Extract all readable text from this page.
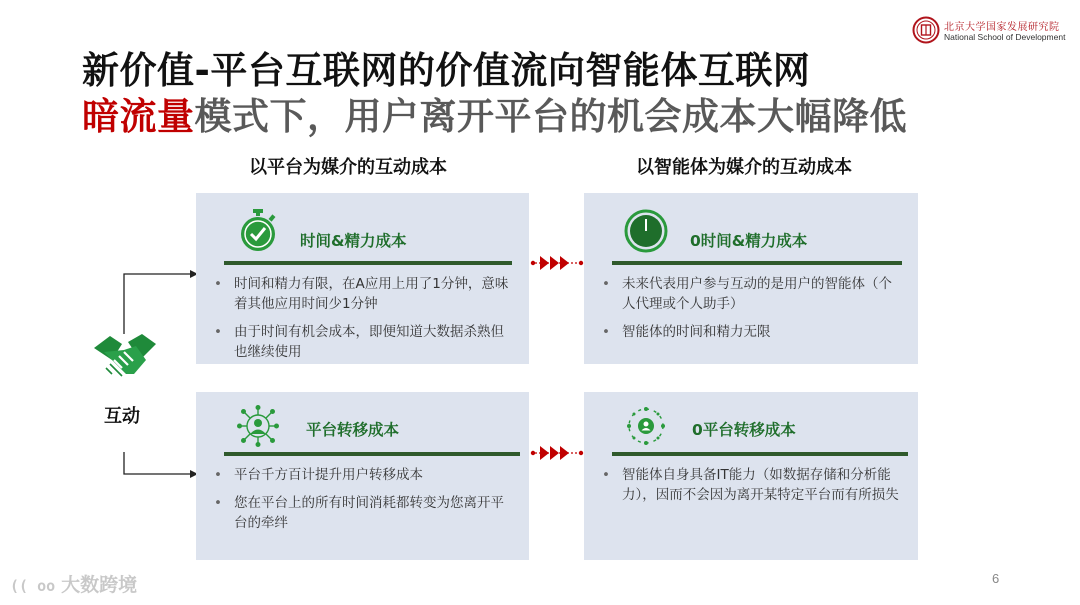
北京大学国家发展研究院
National School of Development
新价值-平台互联网的价值流向智能体互联网
暗流量模式下，用户离开平台的机会成本大幅降低
以平台为媒介的互动成本	以智能体为媒介的互动成本
互动
时间&精力成本
• 时间和精力有限，在A应用上用了1分钟，意味着其他应用时间少1分钟
• 由于时间有机会成本，即便知道大数据杀熟但也继续使用
0时间&精力成本
• 未来代表用户参与互动的是用户的智能体（个人代理或个人助手）
• 智能体的时间和精力无限
平台转移成本
• 平台千方百计提升用户转移成本
• 您在平台上的所有时间消耗都转变为您离开平台的牵绊
0平台转移成本
• 智能体自身具备IT能力（如数据存储和分析能力），因而不会因为离开某特定平台而有所损失
(( oo 大数跨境	6
